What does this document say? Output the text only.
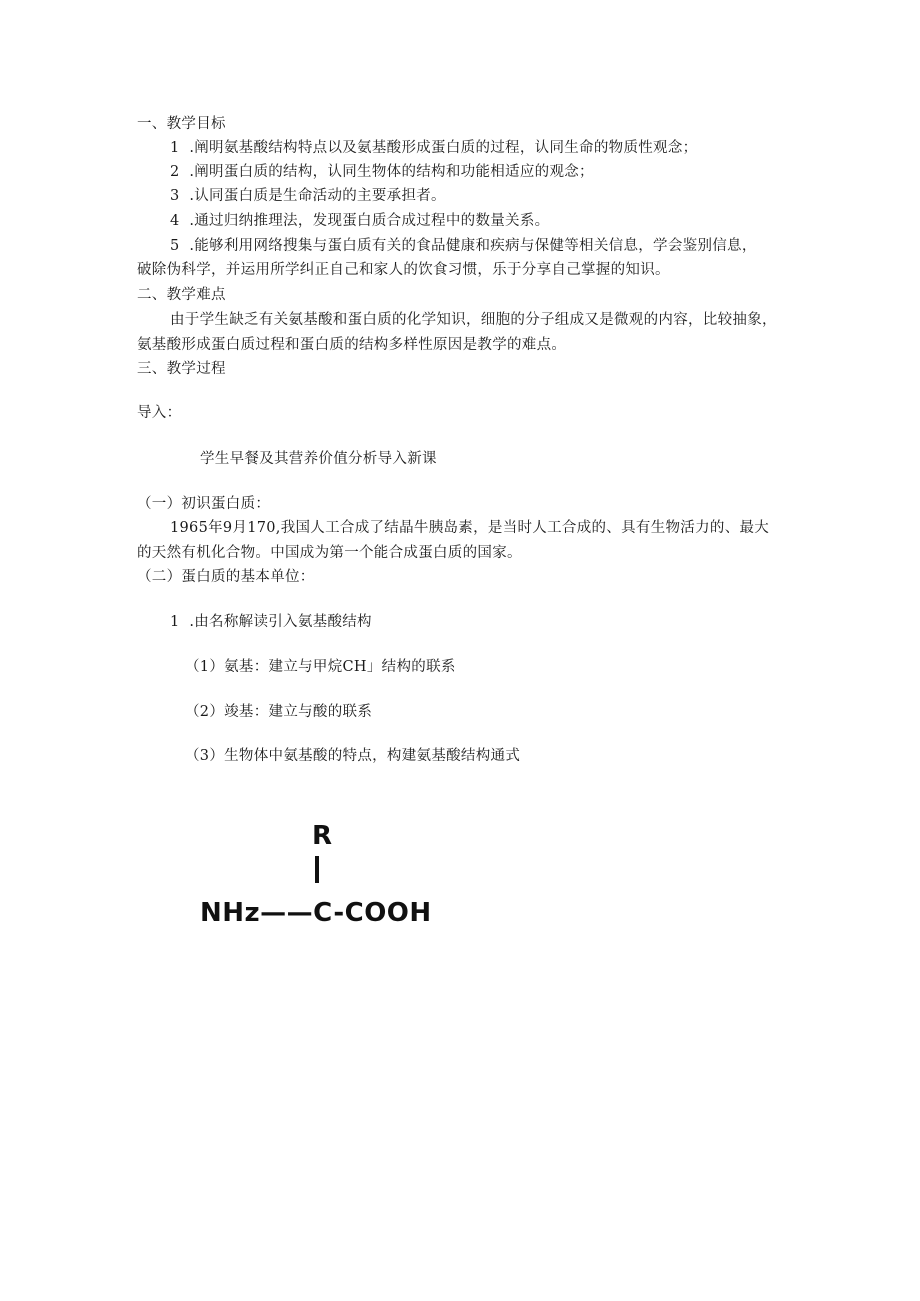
一、教学目标
1  .阐明氨基酸结构特点以及氨基酸形成蛋白质的过程，认同生命的物质性观念；
2  .阐明蛋白质的结构，认同生物体的结构和功能相适应的观念；
3  .认同蛋白质是生命活动的主要承担者。
4  .通过归纳推理法，发现蛋白质合成过程中的数量关系。
5  .能够利用网络搜集与蛋白质有关的食品健康和疾病与保健等相关信息，学会鉴别信息，
破除伪科学，并运用所学纠正自己和家人的饮食习惯，乐于分享自己掌握的知识。
二、教学难点
由于学生缺乏有关氨基酸和蛋白质的化学知识，细胞的分子组成又是微观的内容，比较抽象，
氨基酸形成蛋白质过程和蛋白质的结构多样性原因是教学的难点。
三、教学过程
导入：
学生早餐及其营养价值分析导入新课
（一）初识蛋白质：
1965年9月170,我国人工合成了结晶牛胰岛素，是当时人工合成的、具有生物活力的、最大
的天然有机化合物。中国成为第一个能合成蛋白质的国家。
（二）蛋白质的基本单位：
1  .由名称解读引入氨基酸结构
（1）氨基：建立与甲烷CH」结构的联系
（2）竣基：建立与酸的联系
（3）生物体中氨基酸的特点，构建氨基酸结构通式
R
NHz——C-COOH
